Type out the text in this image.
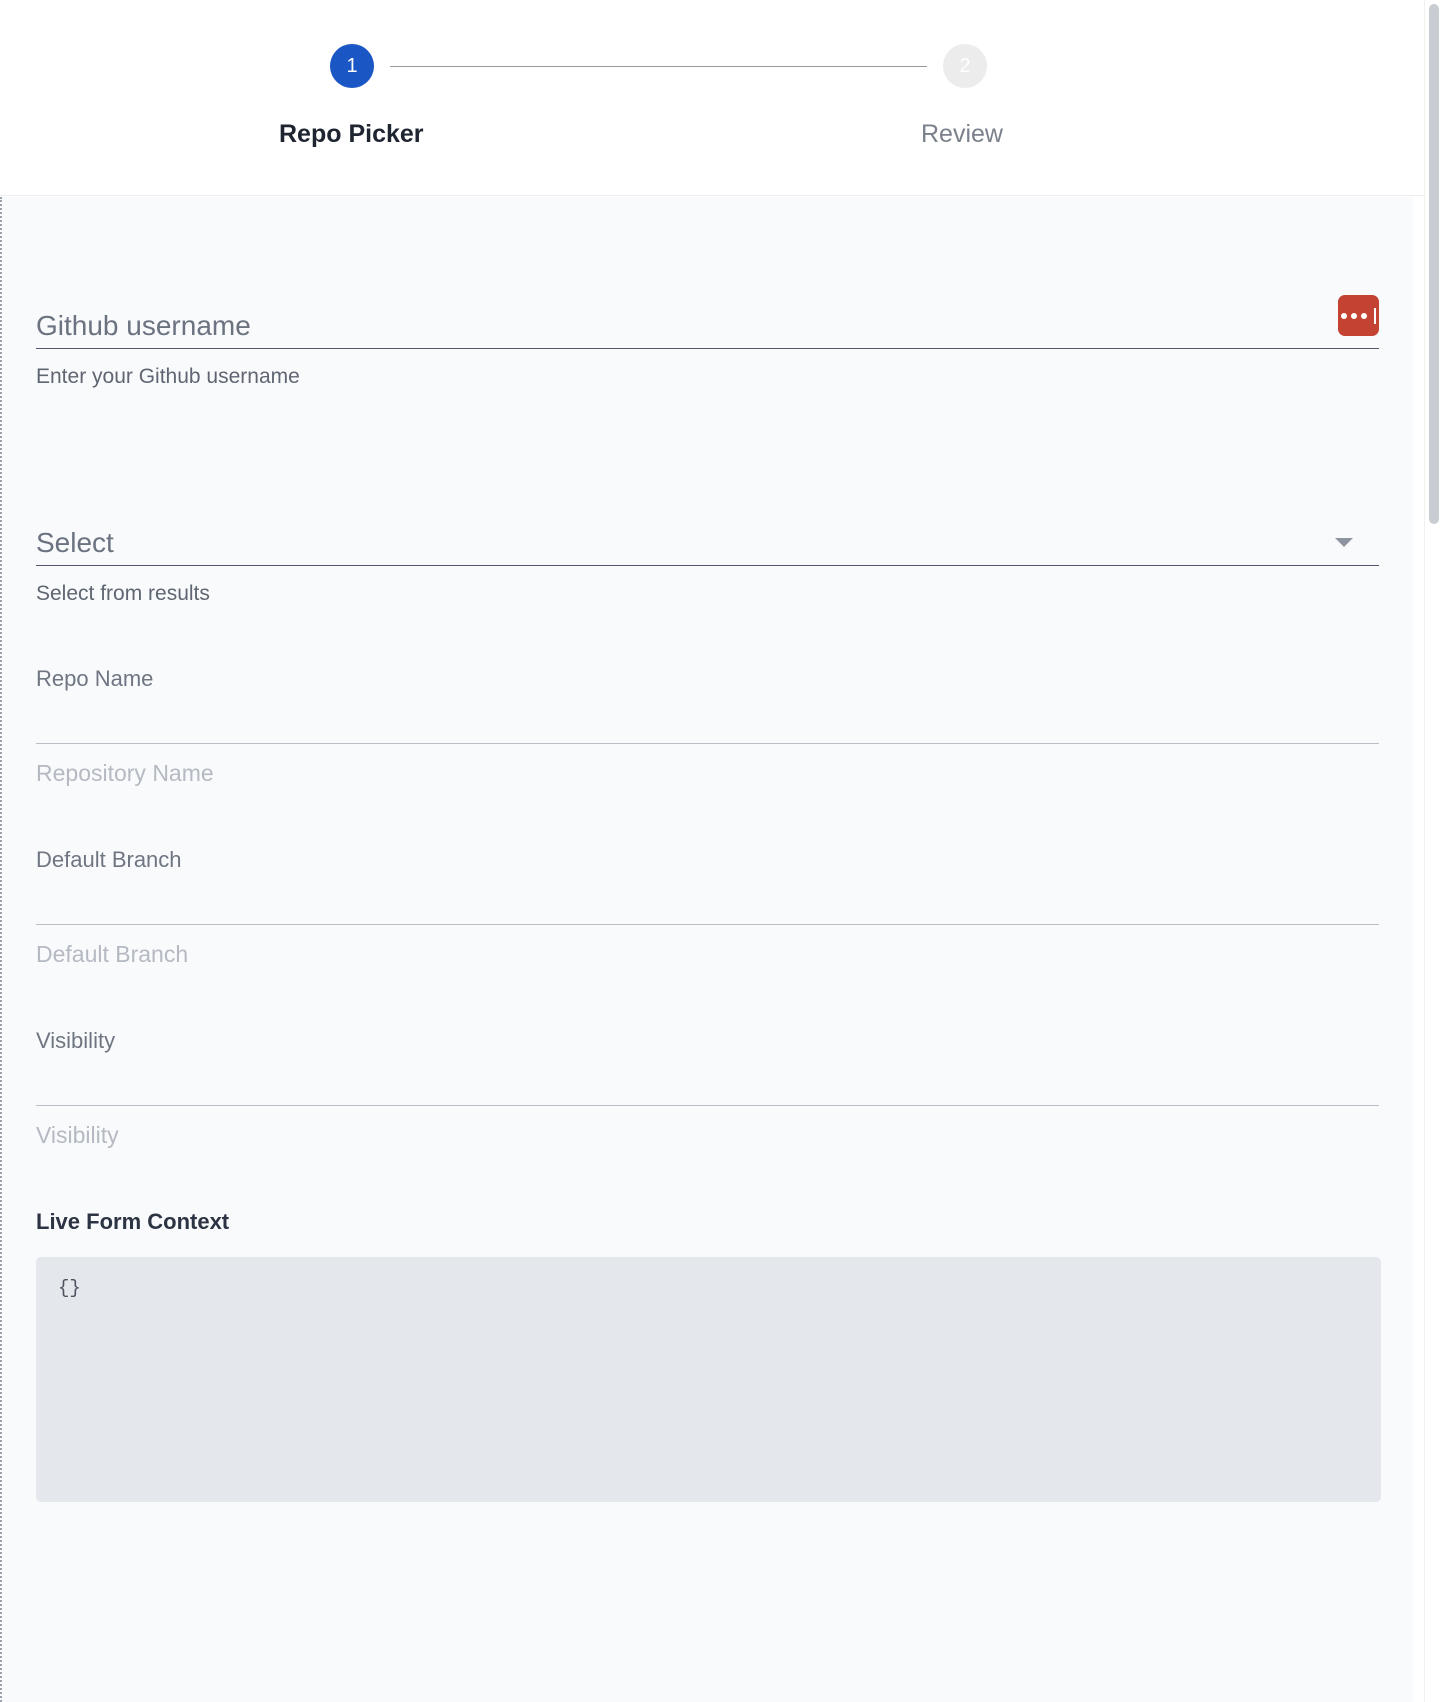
1	2
Repo Picker	Review
Github username
Enter your Github username
Select
Select from results
Repo Name
Repository Name
Default Branch
Default Branch
Visibility
Visibility
Live Form Context
{}
